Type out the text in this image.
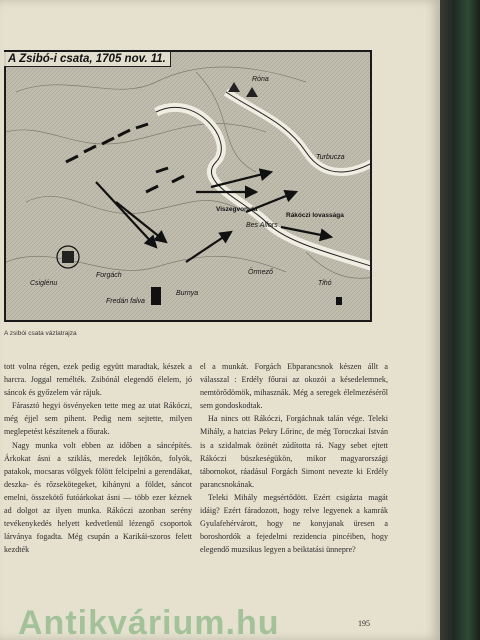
Róna
Turbucza
Viszegvonula
Rákóczi lovassága
Bes Alfors
Örmező
Tihó
Csiglénu
Forgách
Fredán falva
Burnya
A Zsibó-i csata, 1705 nov. 11.
A zsibói csata vázlatrajza

tott volna régen, ezek pedig együtt maradtak, készek a harcra. Joggal remélték. Zsibónál elegendő élelem, jó sáncok és győzelem vár rájuk.

Fárasztó hegyi ösvényeken tette meg az utat Rákóczi, még éjjel sem pihent. Pedig nem sejtette, milyen meglepetést készítenek a főurak.

Nagy munka volt ebben az időben a sáncépítés. Árkokat ásni a sziklás, meredek lejtőkön, folyók, patakok, mocsaras völgyek fölött felcipelni a gerendákat, deszka- és rőzsekötegeket, kihányni a földet, sáncot emelni, összekötő futóárkokat ásni — több ezer kéznek ad dolgot az ilyen munka. Rákóczi azonban serény tevékenykedés helyett kedvetlenül lézengő csoportok lárványa fogadta. Még csupán a Karikái-szoros felett kezdték

el a munkát. Forgách Ebparancsnok készen állt a válasszal : Erdély főurai az okozói a késedelemnek, nemtörődömök, mihasznák. Még a seregek élelmezéséről sem gondoskodtak.

Ha nincs ott Rákóczi, Forgáchnak talán vége. Teleki Mihály, a hatcias Pekry Lőrinc, de még Toroczkai István is a szidalmak özönét zúdította rá. Nagy sebet ejtett Rákóczi büszkeségükön, mikor magyarországi tábornokot, ráadásul Forgách Simont nevezte ki Erdély parancsnokának.

Teleki Mihály megsértődött. Ezért csigázta magát idáig? Ezért fáradozott, hogy relve legyenek a kamrák Gyulafehérvárott, hogy ne konyjanak üresen a boroshordók a fejedelmi rezidencia pincéiben, hogy elegendő muzsikus legyen a beiktatási ünnepre?

195
Antikvárium.hu
